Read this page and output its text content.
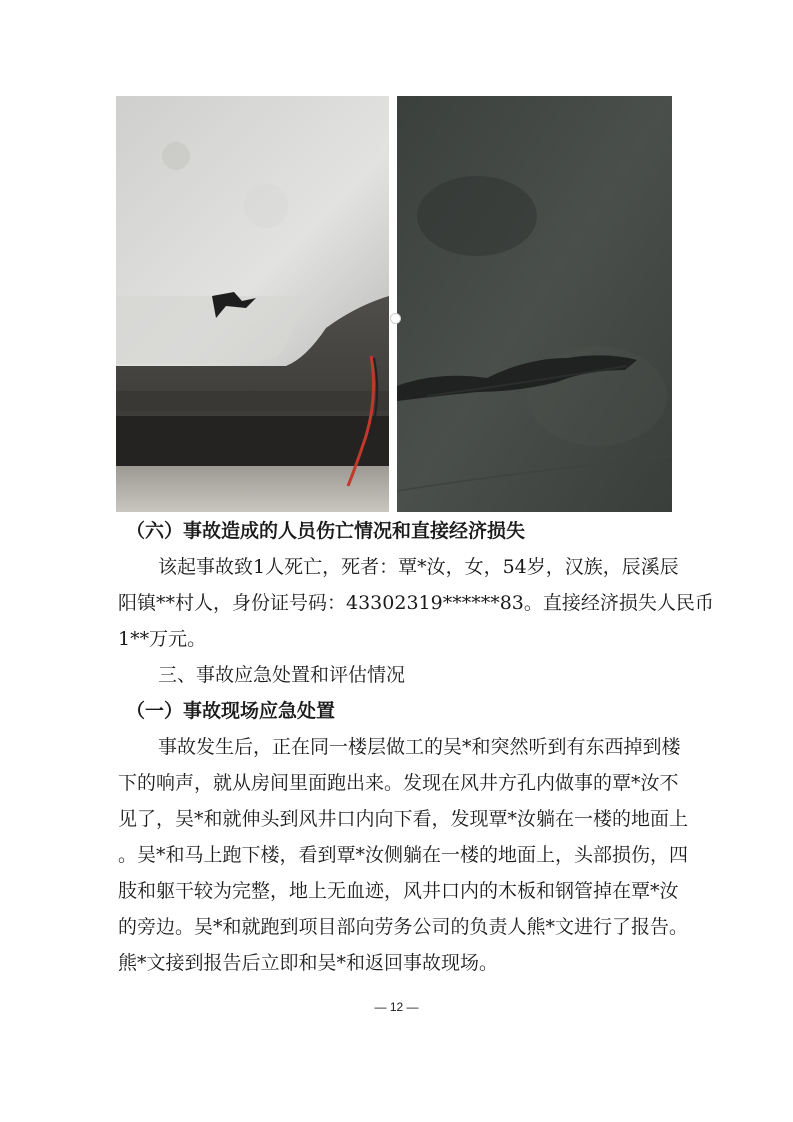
（六）事故造成的人员伤亡情况和直接经济损失
该起事故致1人死亡，死者：覃*汝，女，54岁，汉族，辰溪辰
阳镇**村人，身份证号码：43302319******83。直接经济损失人民币
1**万元。
三、事故应急处置和评估情况
（一）事故现场应急处置
事故发生后，正在同一楼层做工的吴*和突然听到有东西掉到楼
下的响声，就从房间里面跑出来。发现在风井方孔内做事的覃*汝不
见了，吴*和就伸头到风井口内向下看，发现覃*汝躺在一楼的地面上
。吴*和马上跑下楼，看到覃*汝侧躺在一楼的地面上，头部损伤，四
肢和躯干较为完整，地上无血迹，风井口内的木板和钢管掉在覃*汝
的旁边。吴*和就跑到项目部向劳务公司的负责人熊*文进行了报告。
熊*文接到报告后立即和吴*和返回事故现场。
— 12 —
